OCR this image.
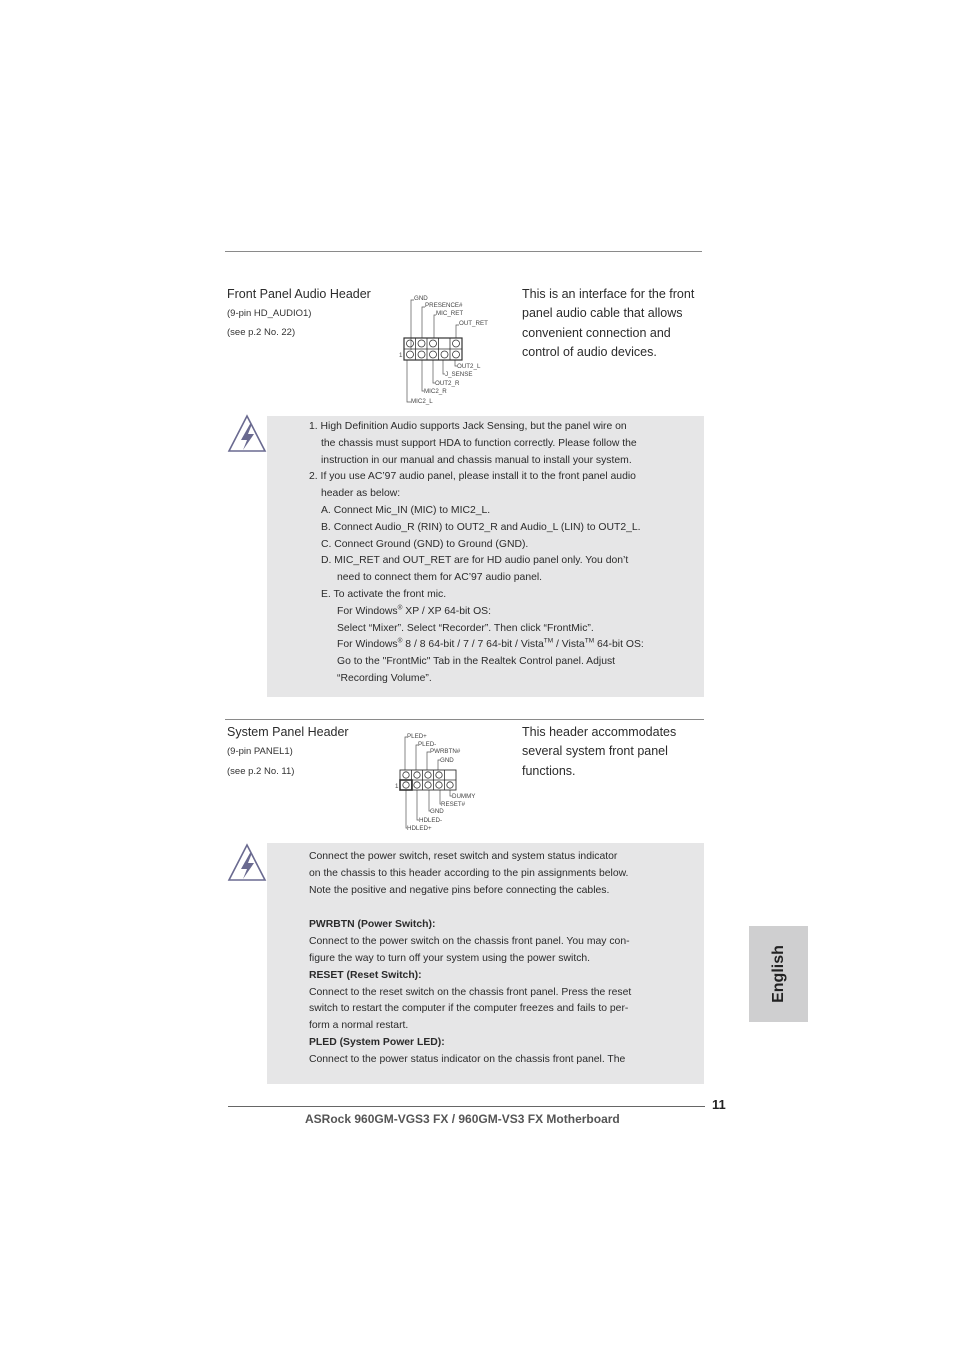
Front Panel Audio Header
(9-pin HD_AUDIO1)
(see p.2 No. 22)
GND
PRESENCE#
MIC_RET
OUT_RET
OUT2_L
J_SENSE
OUT2_R
MIC2_R
MIC2_L
1
This is an interface for the front
panel audio cable that allows
convenient connection and
control of audio devices.
1. High Definition Audio supports Jack Sensing, but the panel wire on
the chassis must support HDA to function correctly. Please follow the
instruction in our manual and chassis manual to install your system.
2. If you use AC’97 audio panel, please install it to the front panel audio
header as below:
A. Connect Mic_IN (MIC) to MIC2_L.
B. Connect Audio_R (RIN) to OUT2_R and Audio_L (LIN) to OUT2_L.
C. Connect Ground (GND) to Ground (GND).
D. MIC_RET and OUT_RET are for HD audio panel only. You don’t
need to connect them for AC’97 audio panel.
E. To activate the front mic.
For Windows® XP / XP 64-bit OS:
Select “Mixer”. Select “Recorder”. Then click “FrontMic”.
For Windows® 8 / 8 64-bit / 7 / 7 64-bit / Vista™ / Vista™ 64-bit OS:
Go to the "FrontMic" Tab in the Realtek Control panel. Adjust
“Recording Volume”.
System Panel Header
(9-pin PANEL1)
(see p.2 No. 11)
PLED+
PLED-
PWRBTN#
GND
DUMMY
RESET#
GND
HDLED-
HDLED+
1
This header accommodates
several system front panel
functions.
Connect the power switch, reset switch and system status indicator
on the chassis to this header according to the pin assignments below.
Note the positive and negative pins before connecting the cables.
PWRBTN (Power Switch):
Connect to the power switch on the chassis front panel. You may con-
figure the way to turn off your system using the power switch.
RESET (Reset Switch):
Connect to the reset switch on the chassis front panel. Press the reset
switch to restart the computer if the computer freezes and fails to per-
form a normal restart.
PLED (System Power LED):
Connect to the power status indicator on the chassis front panel. The
English
11
ASRock 960GM-VGS3 FX / 960GM-VS3 FX Motherboard
